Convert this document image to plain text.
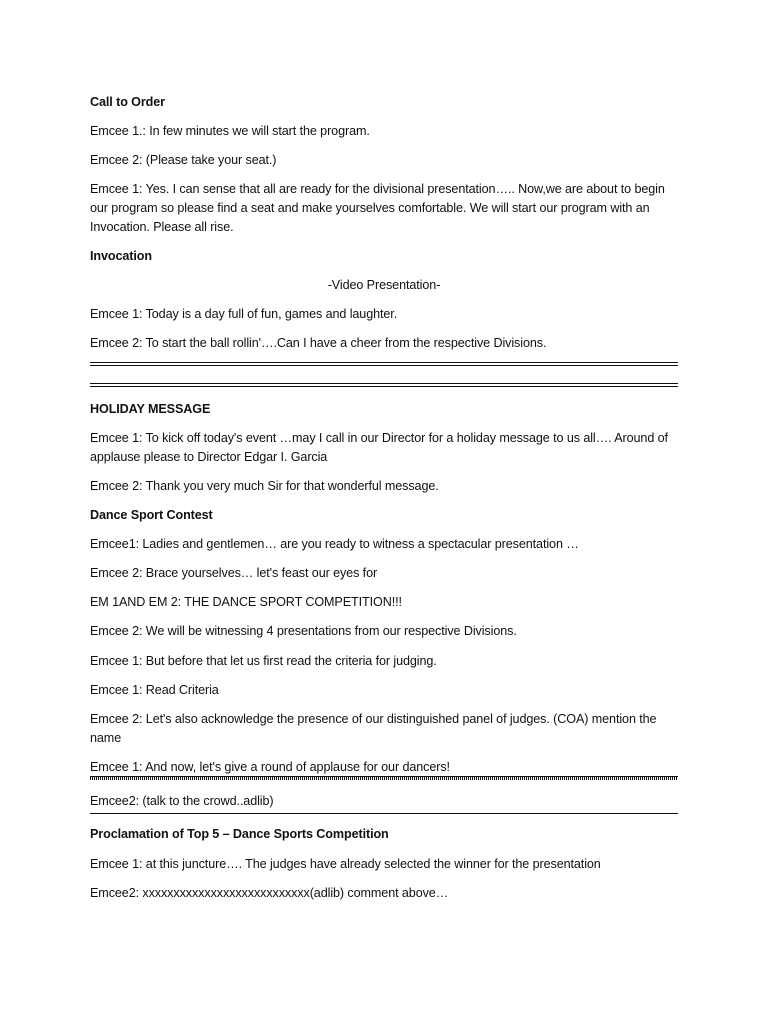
Call to Order

Emcee 1.: In few minutes we will start the program.

Emcee 2: (Please take your seat.)

Emcee 1: Yes. I can sense that all are ready for the divisional presentation….. Now,we are about to begin our program so please find a seat and make yourselves comfortable. We will start our program with an Invocation. Please all rise.

Invocation

-Video Presentation-

Emcee 1: Today is a day full of fun, games and laughter.

Emcee 2: To start the ball rollin'….Can I have a cheer from the respective Divisions.

HOLIDAY MESSAGE

Emcee 1: To kick off today's event …may I call in our Director for a holiday message to us all…. Around of applause please to Director Edgar I. Garcia

Emcee 2: Thank you very much Sir for that wonderful message.

Dance Sport Contest

Emcee1: Ladies and gentlemen… are you ready to witness a spectacular presentation …

Emcee 2: Brace yourselves… let's feast our eyes for

EM 1AND EM 2: THE DANCE SPORT COMPETITION!!!

Emcee 2: We will be witnessing 4 presentations from our respective Divisions.

Emcee 1: But before that let us first read the criteria for judging.

Emcee 1: Read Criteria

Emcee 2: Let's also acknowledge the presence of our distinguished panel of judges. (COA) mention the name

Emcee 1: And now, let's give a round of applause for our dancers!

Emcee2: (talk to the crowd..adlib)

Proclamation of Top 5 – Dance Sports Competition

Emcee 1: at this juncture…. The judges have already selected the winner for the presentation

Emcee2: xxxxxxxxxxxxxxxxxxxxxxxxxxx(adlib) comment above…
